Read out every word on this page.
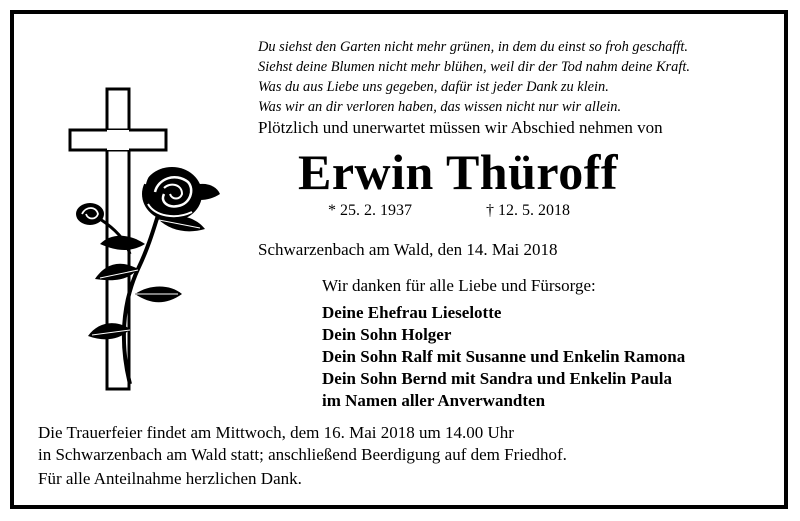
Du siehst den Garten nicht mehr grünen, in dem du einst so froh geschafft.
Siehst deine Blumen nicht mehr blühen, weil dir der Tod nahm deine Kraft.
Was du aus Liebe uns gegeben, dafür ist jeder Dank zu klein.
Was wir an dir verloren haben, das wissen nicht nur wir allein.
Plötzlich und unerwartet müssen wir Abschied nehmen von
Erwin Thüroff
* 25. 2. 1937	† 12. 5. 2018
Schwarzenbach am Wald, den 14. Mai 2018
Wir danken für alle Liebe und Fürsorge:
Deine Ehefrau Lieselotte
Dein Sohn Holger
Dein Sohn Ralf mit Susanne und Enkelin Ramona
Dein Sohn Bernd mit Sandra und Enkelin Paula
im Namen aller Anverwandten
Die Trauerfeier findet am Mittwoch, dem 16. Mai 2018 um 14.00 Uhr
in Schwarzenbach am Wald statt; anschließend Beerdigung auf dem Friedhof.
Für alle Anteilnahme herzlichen Dank.
